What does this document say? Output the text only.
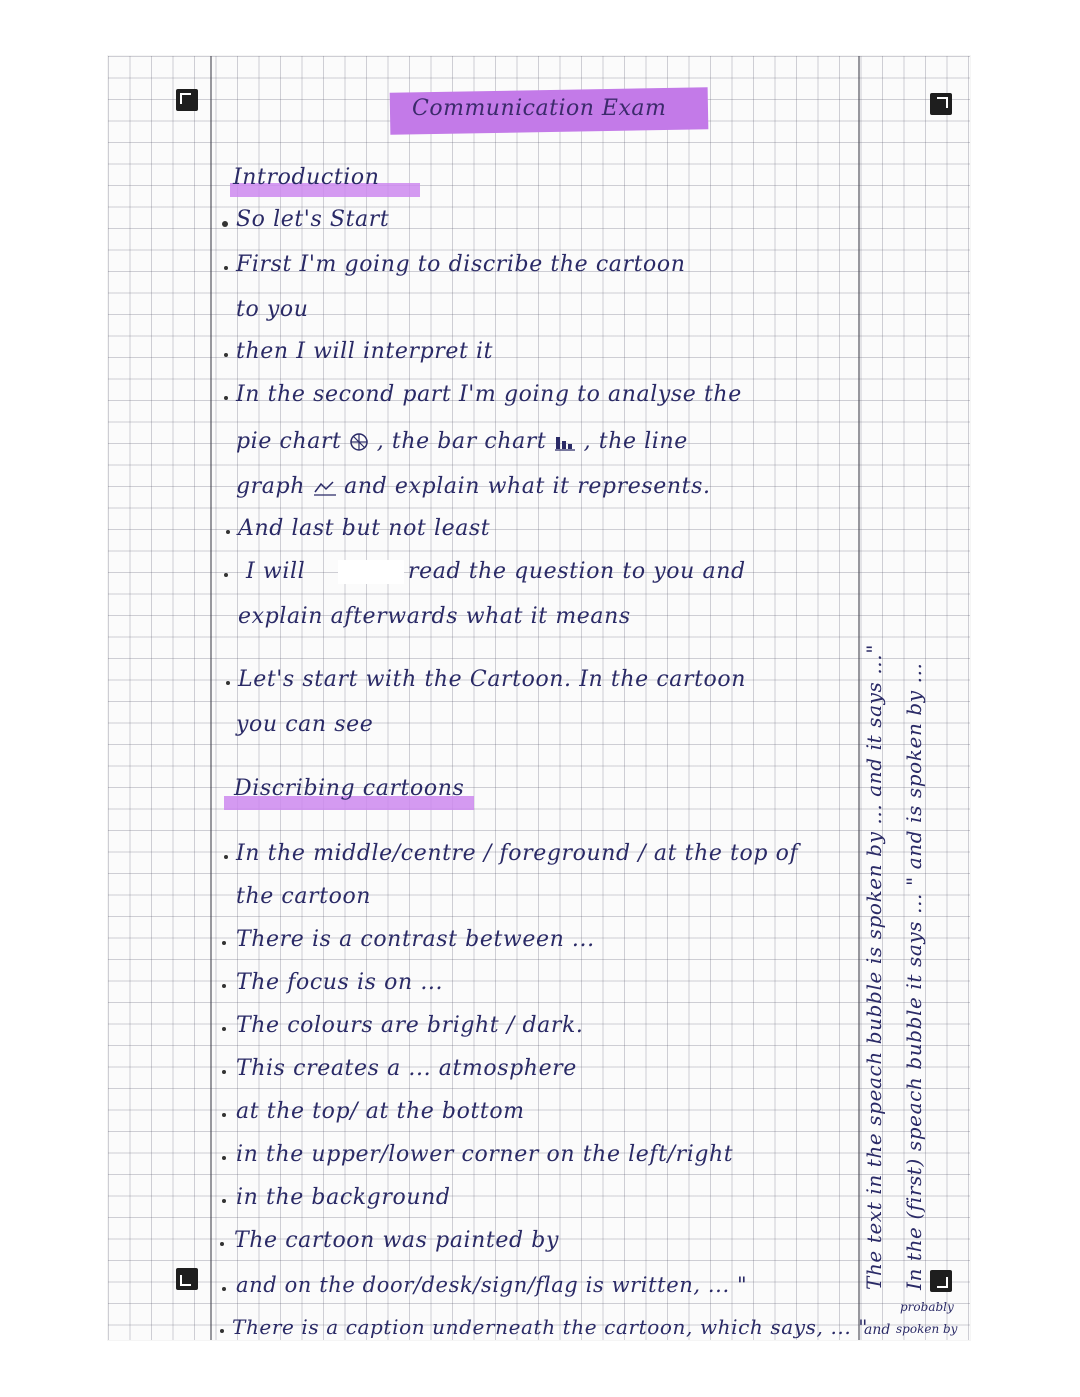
Communication Exam
Introduction
So let's Start
First I'm going to discribe the cartoon
to you
then I will interpret it
In the second part I'm going to analyse the
pie chart , the bar chart , the line
graph and explain what it represents.
And last but not least
I will	read the question to you and
explain afterwards what it means
Let's start with the Cartoon. In the cartoon
you can see
Discribing cartoons
In the middle/centre / foreground / at the top of
the cartoon
There is a contrast between ...
The focus is on ...
The colours are bright / dark.
This creates a ... atmosphere
at the top/ at the bottom
in the upper/lower corner on the left/right
in the background
The cartoon was painted by
and on the door/desk/sign/flag is written, ... "
There is a caption underneath the cartoon, which says, ... "
The text in the speach bubble is spoken by ... and it says ..." In the (first) speach bubble it says ... " and is spoken by ...
and
probably
spoken by
